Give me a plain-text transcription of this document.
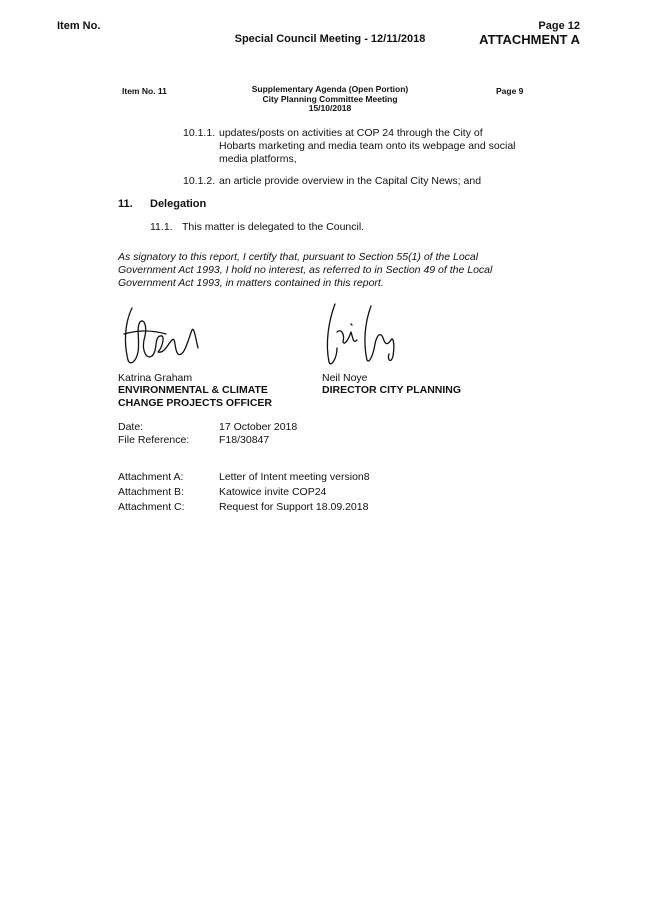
Item No.
Special Council Meeting - 12/11/2018
Page 12
ATTACHMENT A
Item No. 11	Supplementary Agenda (Open Portion)
City Planning Committee Meeting
15/10/2018
Page 9
10.1.1. updates/posts on activities at COP 24 through the City of
Hobarts marketing and media team onto its webpage and social
media platforms,
10.1.2. an article provide overview in the Capital City News; and
11. Delegation
11.1. This matter is delegated to the Council.
As signatory to this report, I certify that, pursuant to Section 55(1) of the Local
Government Act 1993, I hold no interest, as referred to in Section 49 of the Local
Government Act 1993, in matters contained in this report.
Katrina Graham
ENVIRONMENTAL & CLIMATE
CHANGE PROJECTS OFFICER
Neil Noye
DIRECTOR CITY PLANNING
Date:	17 October 2018
File Reference:	F18/30847
Attachment A:	Letter of Intent meeting version8
Attachment B:	Katowice invite COP24
Attachment C:	Request for Support 18.09.2018
